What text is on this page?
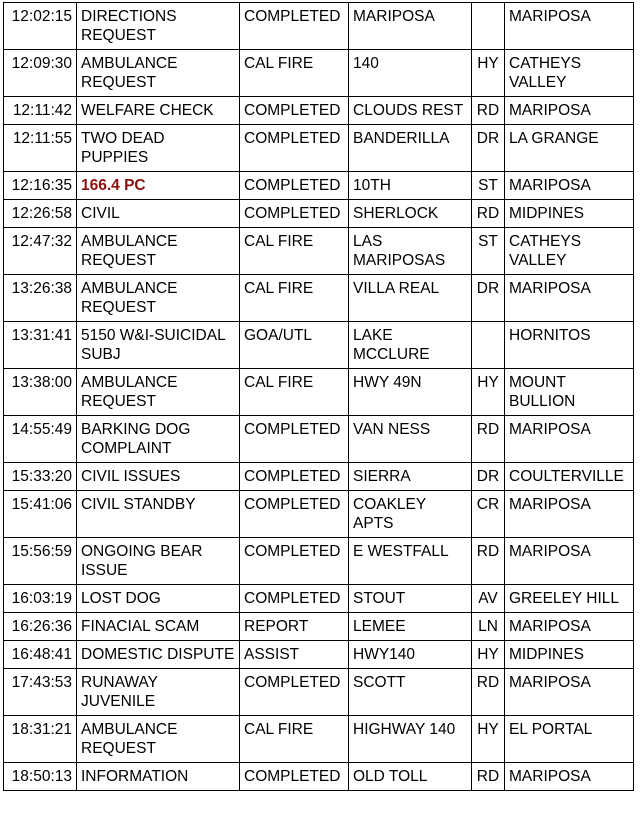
12:02:15	DIRECTIONS REQUEST	COMPLETED	MARIPOSA		MARIPOSA
12:09:30	AMBULANCE REQUEST	CAL FIRE	140	HY	CATHEYS VALLEY
12:11:42	WELFARE CHECK	COMPLETED	CLOUDS REST	RD	MARIPOSA
12:11:55	TWO DEAD PUPPIES	COMPLETED	BANDERILLA	DR	LA GRANGE
12:16:35	166.4 PC	COMPLETED	10TH	ST	MARIPOSA
12:26:58	CIVIL	COMPLETED	SHERLOCK	RD	MIDPINES
12:47:32	AMBULANCE REQUEST	CAL FIRE	LAS MARIPOSAS	ST	CATHEYS VALLEY
13:26:38	AMBULANCE REQUEST	CAL FIRE	VILLA REAL	DR	MARIPOSA
13:31:41	5150 W&I-SUICIDAL SUBJ	GOA/UTL	LAKE MCCLURE		HORNITOS
13:38:00	AMBULANCE REQUEST	CAL FIRE	HWY 49N	HY	MOUNT BULLION
14:55:49	BARKING DOG COMPLAINT	COMPLETED	VAN NESS	RD	MARIPOSA
15:33:20	CIVIL ISSUES	COMPLETED	SIERRA	DR	COULTERVILLE
15:41:06	CIVIL STANDBY	COMPLETED	COAKLEY APTS	CR	MARIPOSA
15:56:59	ONGOING BEAR ISSUE	COMPLETED	E WESTFALL	RD	MARIPOSA
16:03:19	LOST DOG	COMPLETED	STOUT	AV	GREELEY HILL
16:26:36	FINACIAL SCAM	REPORT	LEMEE	LN	MARIPOSA
16:48:41	DOMESTIC DISPUTE	ASSIST	HWY140	HY	MIDPINES
17:43:53	RUNAWAY JUVENILE	COMPLETED	SCOTT	RD	MARIPOSA
18:31:21	AMBULANCE REQUEST	CAL FIRE	HIGHWAY 140	HY	EL PORTAL
18:50:13	INFORMATION	COMPLETED	OLD TOLL	RD	MARIPOSA
